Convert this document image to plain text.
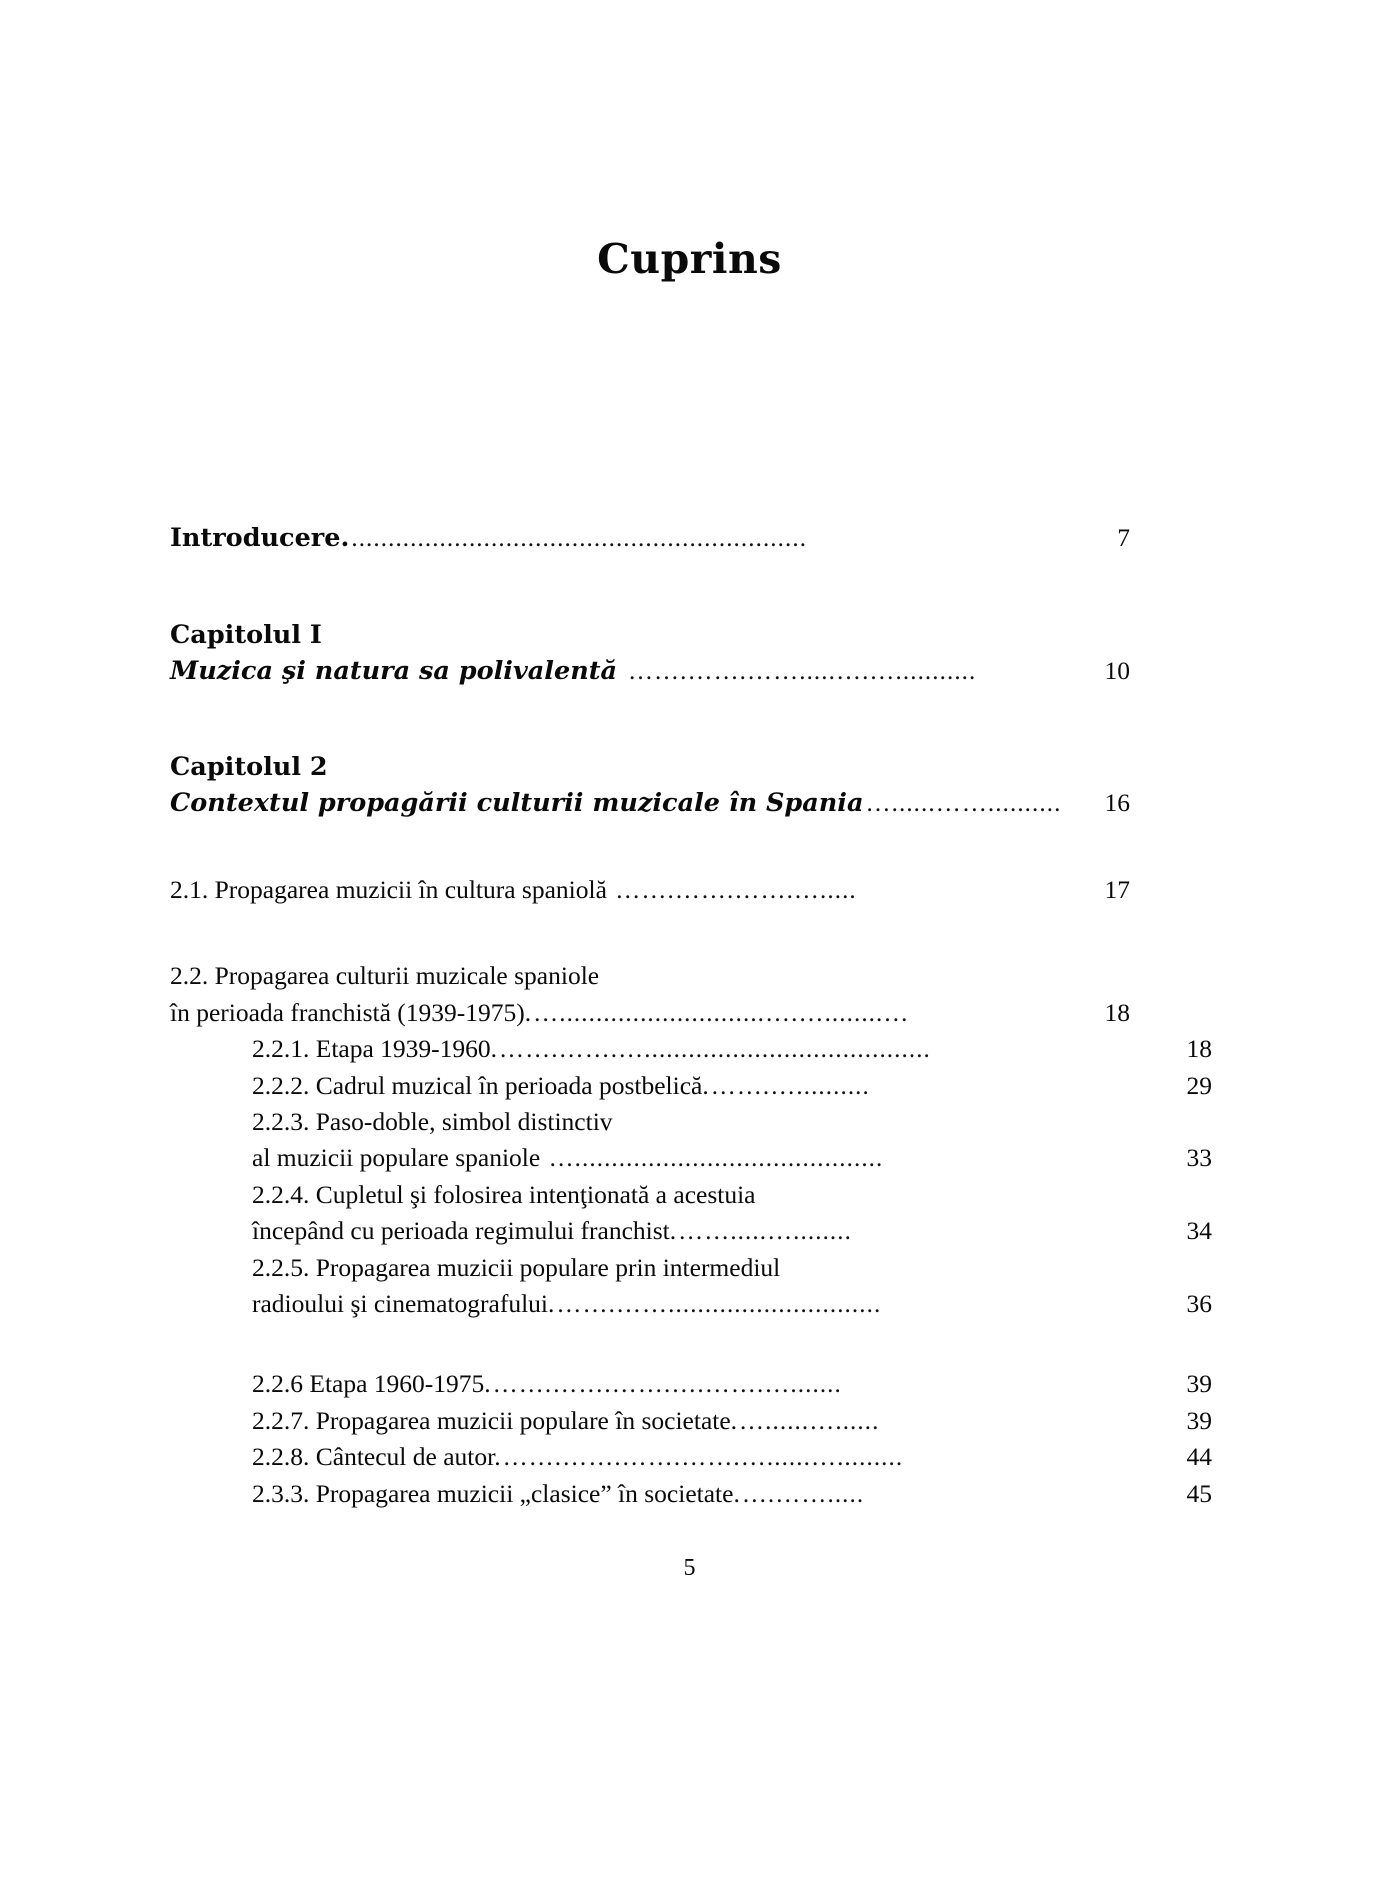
Cuprins
Introducere. ..............................................................	7
Capitolul I
Muzica şi natura sa polivalentă …….…….…….....….…...........	10
Capitolul 2
Contextul propagării culturii muzicale în Spania …......……..........	16
2.1. Propagarea muzicii în cultura spaniolă …….…….…….….....	17
2.2. Propagarea culturii muzicale spaniole
în perioada franchistă (1939-1975). …............................….…........…	18
2.2.1. Etapa 1939-1960. …….…….….......................................	18
2.2.2. Cadrul muzical în perioada postbelică. …….…..........	29
2.2.3. Paso-doble, simbol distinctiv
al muzicii populare spaniole …..........................................	33
2.2.4. Cupletul şi folosirea intenţionată a acestuia
începând cu perioada regimului franchist. …….....…........	34
2.2.5. Propagarea muzicii populare prin intermediul
radioului şi cinematografului. …….…….............................	36
2.2.6 Etapa 1960-1975. …….…….…….….…….….......	39
2.2.7. Propagarea muzicii populare în societate. …......…......	39
2.2.8. Cântecul de autor. …….…….…….…….…......….........	44
2.3.3. Propagarea muzicii „clasice” în societate. ….…….....	45
5
